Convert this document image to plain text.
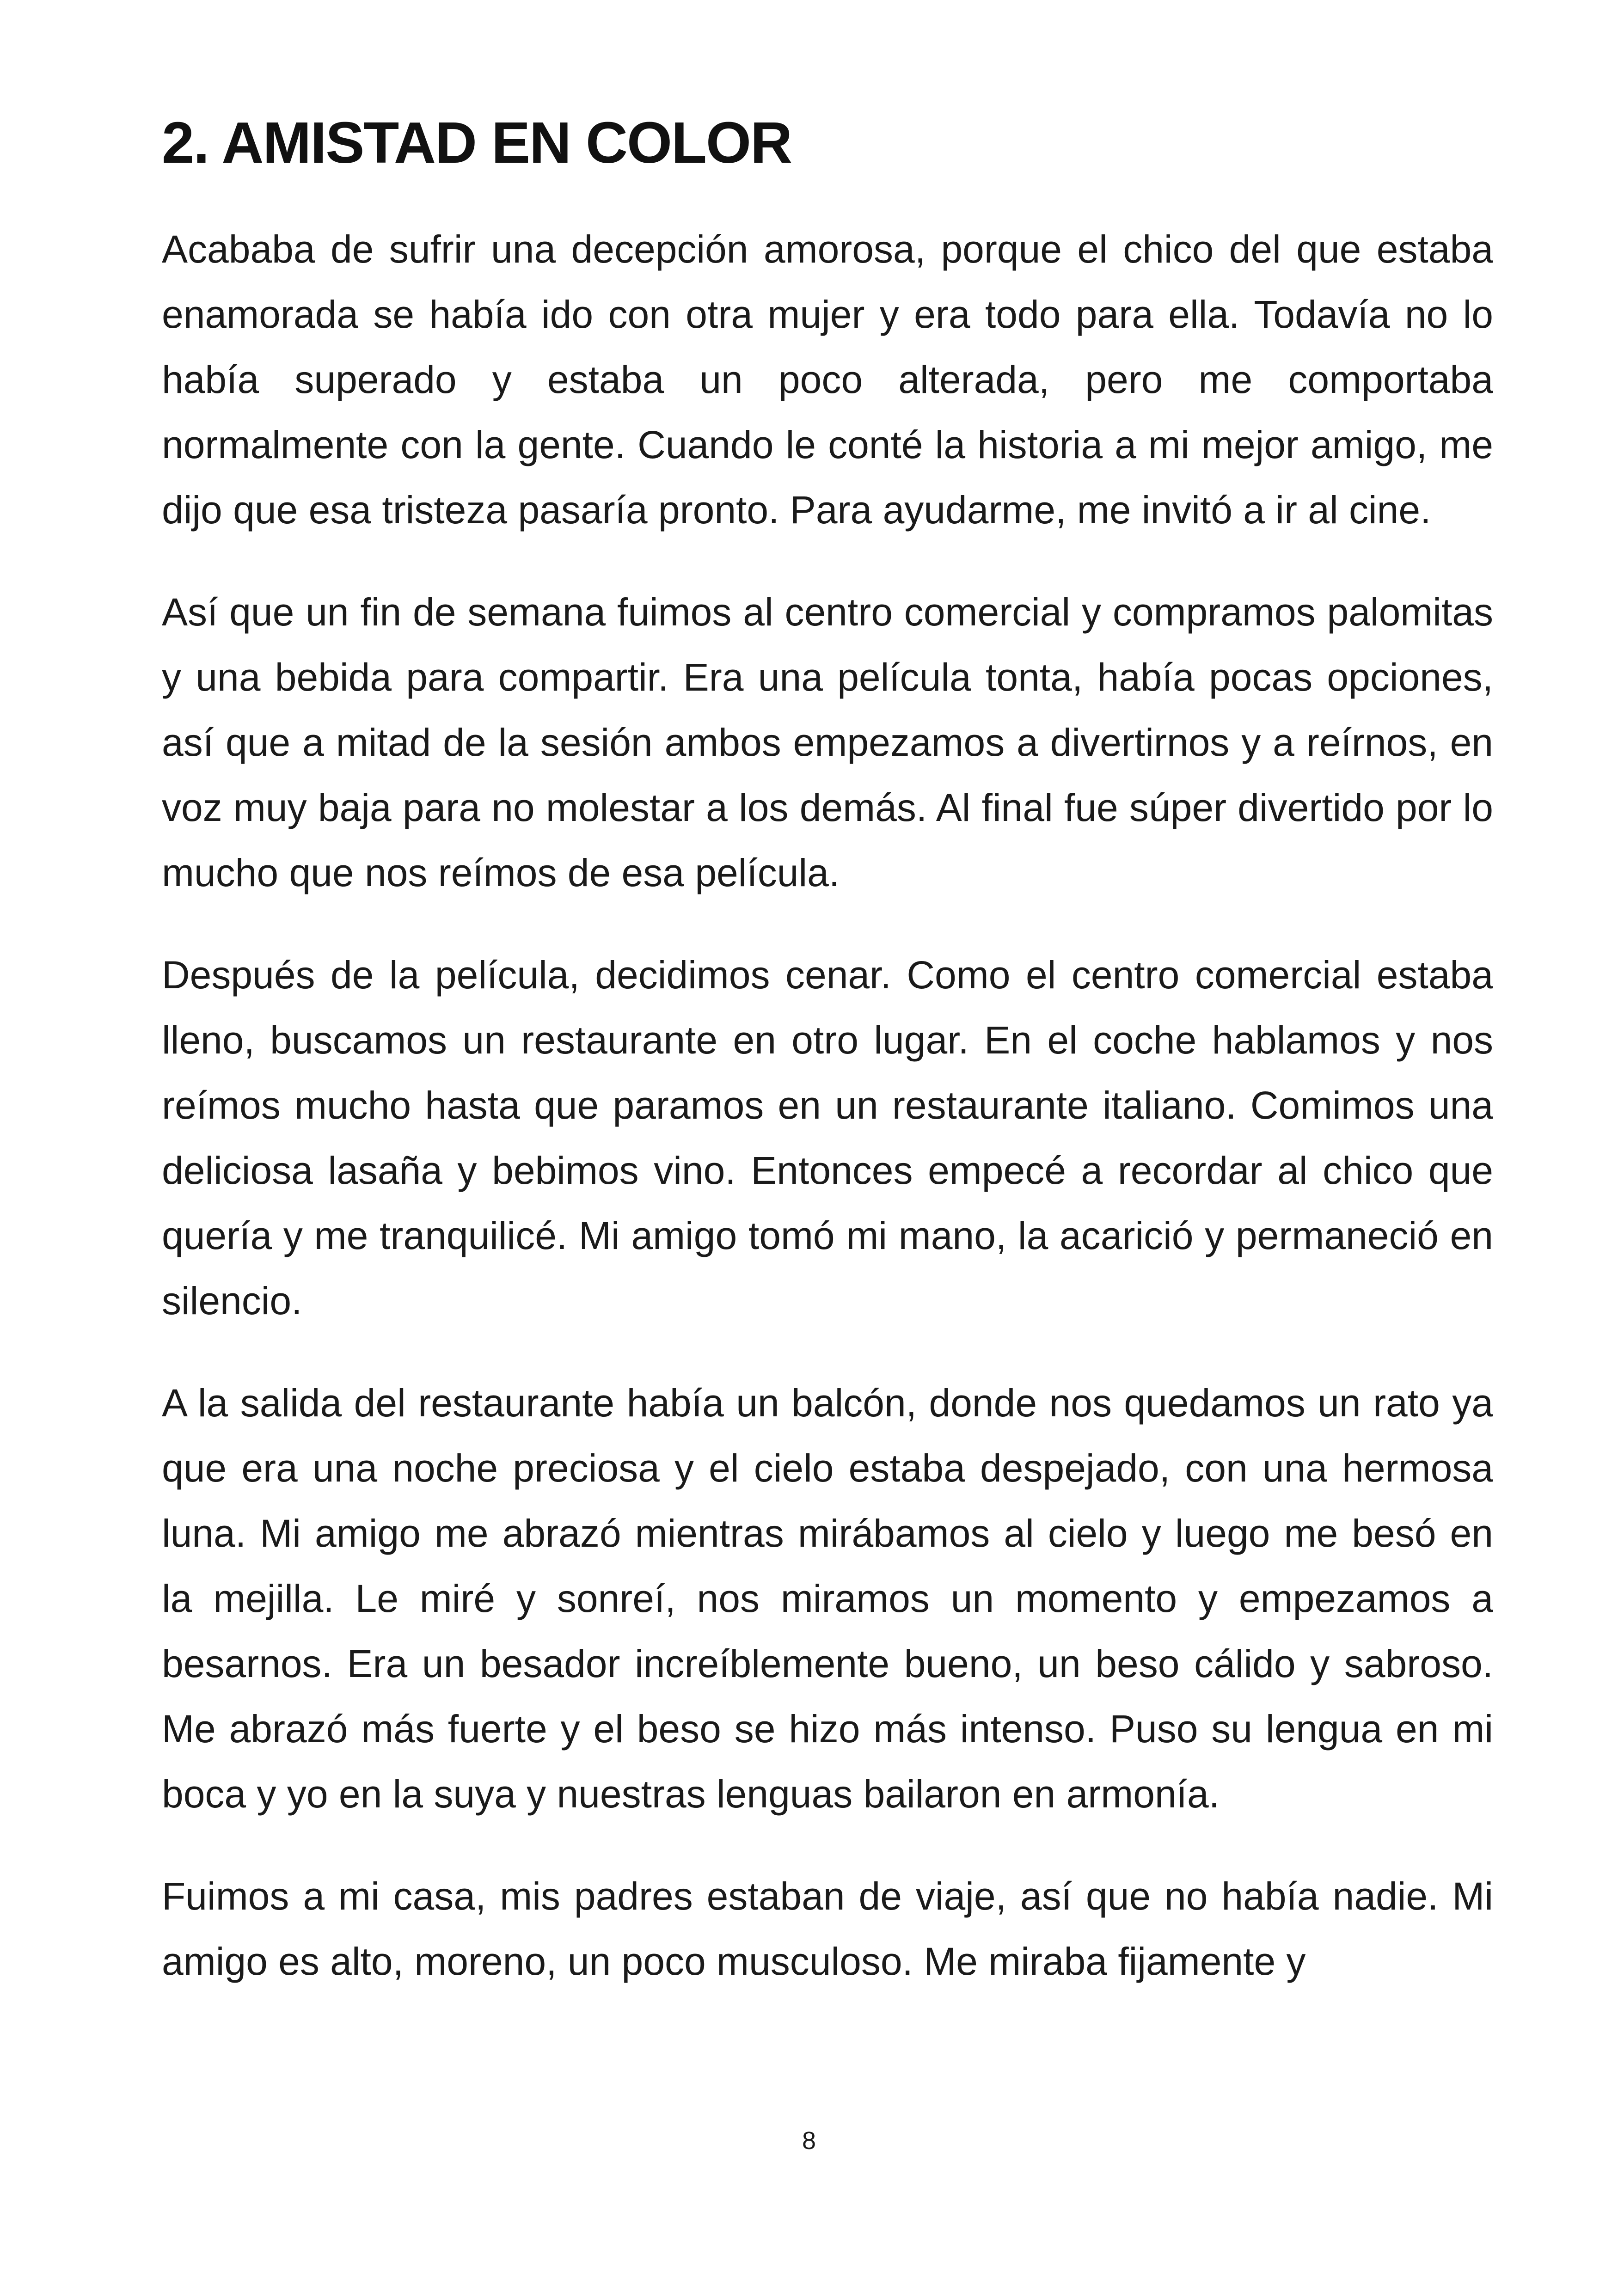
2. AMISTAD EN COLOR

Acababa de sufrir una decepción amorosa, porque el chico del que estaba enamorada se había ido con otra mujer y era todo para ella. Todavía no lo había superado y estaba un poco alterada, pero me comportaba normalmente con la gente. Cuando le conté la historia a mi mejor amigo, me dijo que esa tristeza pasaría pronto. Para ayudarme, me invitó a ir al cine.

Así que un fin de semana fuimos al centro comercial y compramos palomitas y una bebida para compartir. Era una película tonta, había pocas opciones, así que a mitad de la sesión ambos empezamos a divertirnos y a reírnos, en voz muy baja para no molestar a los demás. Al final fue súper divertido por lo mucho que nos reímos de esa película.

Después de la película, decidimos cenar. Como el centro comercial estaba lleno, buscamos un restaurante en otro lugar. En el coche hablamos y nos reímos mucho hasta que paramos en un restaurante italiano. Comimos una deliciosa lasaña y bebimos vino. Entonces empecé a recordar al chico que quería y me tranquilicé. Mi amigo tomó mi mano, la acarició y permaneció en silencio.

A la salida del restaurante había un balcón, donde nos quedamos un rato ya que era una noche preciosa y el cielo estaba despejado, con una hermosa luna. Mi amigo me abrazó mientras mirábamos al cielo y luego me besó en la mejilla. Le miré y sonreí, nos miramos un momento y empezamos a besarnos. Era un besador increíblemente bueno, un beso cálido y sabroso. Me abrazó más fuerte y el beso se hizo más intenso. Puso su lengua en mi boca y yo en la suya y nuestras lenguas bailaron en armonía.

Fuimos a mi casa, mis padres estaban de viaje, así que no había nadie. Mi amigo es alto, moreno, un poco musculoso. Me miraba fijamente y

8
